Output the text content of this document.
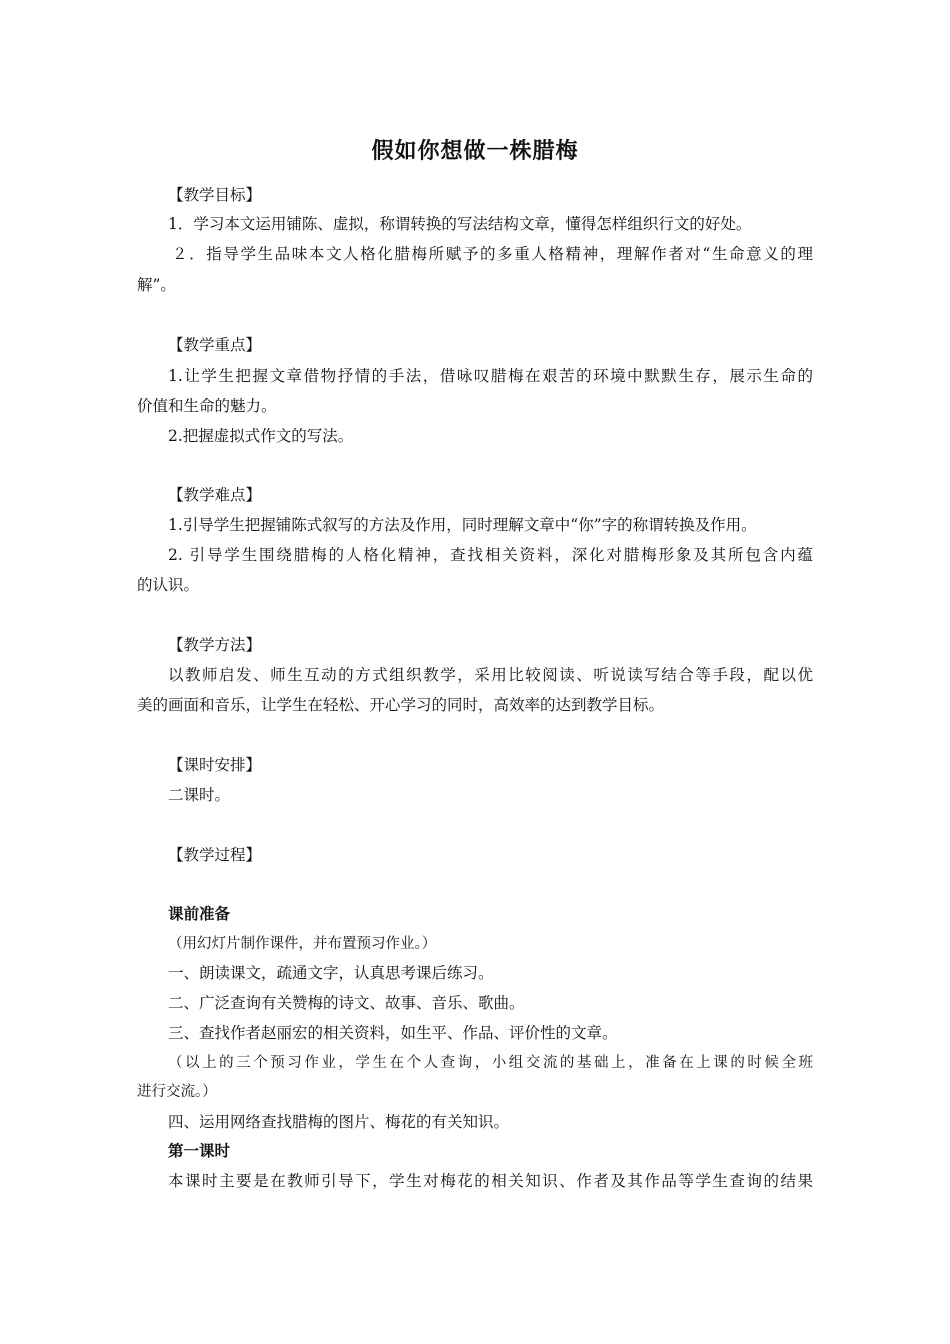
假如你想做一株腊梅
【教学目标】
1．学习本文运用铺陈、虚拟，称谓转换的写法结构文章，懂得怎样组织行文的好处。
２．指导学生品味本文人格化腊梅所赋予的多重人格精神，理解作者对“生命意义的理
解”。
【教学重点】
1.让学生把握文章借物抒情的手法，借咏叹腊梅在艰苦的环境中默默生存，展示生命的
价值和生命的魅力。
2.把握虚拟式作文的写法。
【教学难点】
1.引导学生把握铺陈式叙写的方法及作用，同时理解文章中“你”字的称谓转换及作用。
2. 引导学生围绕腊梅的人格化精神，查找相关资料，深化对腊梅形象及其所包含内蕴
的认识。
【教学方法】
以教师启发、师生互动的方式组织教学，采用比较阅读、听说读写结合等手段，配以优
美的画面和音乐，让学生在轻松、开心学习的同时，高效率的达到教学目标。
【课时安排】
二课时。
【教学过程】
课前准备
（用幻灯片制作课件，并布置预习作业。）
一、朗读课文，疏通文字，认真思考课后练习。
二、广泛查询有关赞梅的诗文、故事、音乐、歌曲。
三、查找作者赵丽宏的相关资料，如生平、作品、评价性的文章。
（以上的三个预习作业，学生在个人查询，小组交流的基础上，准备在上课的时候全班
进行交流。）
四、运用网络查找腊梅的图片、梅花的有关知识。
第一课时
本课时主要是在教师引导下，学生对梅花的相关知识、作者及其作品等学生查询的结果
